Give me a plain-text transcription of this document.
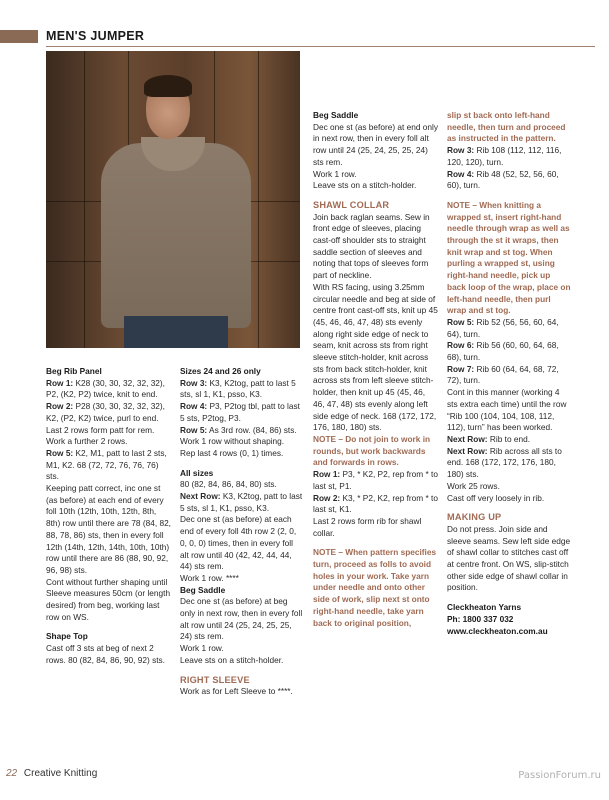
MEN'S JUMPER

Beg Rib Panel

Row 1: K28 (30, 30, 32, 32, 32), P2, (K2, P2) twice, knit to end.

Row 2: P28 (30, 30, 32, 32, 32), K2, (P2, K2) twice, purl to end.

Last 2 rows form patt for rem.

Work a further 2 rows.

Row 5: K2, M1, patt to last 2 sts, M1, K2. 68 (72, 72, 76, 76, 76) sts.

Keeping patt correct, inc one st (as before) at each end of every foll 10th (12th, 10th, 12th, 8th, 8th) row until there are 78 (84, 82, 88, 78, 86) sts, then in every foll 12th (14th, 12th, 14th, 10th, 10th) row until there are 86 (88, 90, 92, 96, 98) sts.

Cont without further shaping until Sleeve measures 50cm (or length desired) from beg, working last row on WS.

Shape Top

Cast off 3 sts at beg of next 2 rows. 80 (82, 84, 86, 90, 92) sts.

Sizes 24 and 26 only

Row 3: K3, K2tog, patt to last 5 sts, sl 1, K1, psso, K3.

Row 4: P3, P2tog tbl, patt to last 5 sts, P2tog, P3.

Row 5: As 3rd row. (84, 86) sts.

Work 1 row without shaping.

Rep last 4 rows (0, 1) times.

All sizes

80 (82, 84, 86, 84, 80) sts.

Next Row: K3, K2tog, patt to last 5 sts, sl 1, K1, psso, K3.

Dec one st (as before) at each end of every foll 4th row 2 (2, 0, 0, 0, 0) times, then in every foll alt row until 40 (42, 42, 44, 44, 44) sts rem.

Work 1 row. ****

Beg Saddle

Dec one st (as before) at beg only in next row, then in every foll alt row until 24 (25, 24, 25, 25, 24) sts rem.

Work 1 row.

Leave sts on a stitch-holder.

RIGHT SLEEVE

Work as for Left Sleeve to ****.

Beg Saddle

Dec one st (as before) at end only in next row, then in every foll alt row until 24 (25, 24, 25, 25, 24) sts rem.

Work 1 row.

Leave sts on a stitch-holder.

SHAWL COLLAR

Join back raglan seams. Sew in front edge of sleeves, placing cast-off shoulder sts to straight saddle section of sleeves and noting that tops of sleeves form part of neckline.

With RS facing, using 3.25mm circular needle and beg at side of centre front cast-off sts, knit up 45 (45, 46, 46, 47, 48) sts evenly along right side edge of neck to seam, knit across sts from right sleeve stitch-holder, knit across sts from back stitch-holder, knit across sts from left sleeve stitch-holder, then knit up 45 (45, 46, 46, 47, 48) sts evenly along left side edge of neck. 168 (172, 172, 176, 180, 180) sts.

NOTE – Do not join to work in rounds, but work backwards and forwards in rows.

Row 1: P3, * K2, P2, rep from * to last st, P1.

Row 2: K3, * P2, K2, rep from * to last st, K1.

Last 2 rows form rib for shawl collar.

NOTE – When pattern specifies turn, proceed as folls to avoid holes in your work. Take yarn under needle and onto other side of work, slip next st onto right-hand needle, take yarn back to original position,

slip st back onto left-hand needle, then turn and proceed as instructed in the pattern.

Row 3: Rib 108 (112, 112, 116, 120, 120), turn.

Row 4: Rib 48 (52, 52, 56, 60, 60), turn.

NOTE – When knitting a wrapped st, insert right-hand needle through wrap as well as through the st it wraps, then knit wrap and st tog. When purling a wrapped st, using right-hand needle, pick up back loop of the wrap, place on left-hand needle, then purl wrap and st tog.

Row 5: Rib 52 (56, 56, 60, 64, 64), turn.

Row 6: Rib 56 (60, 60, 64, 68, 68), turn.

Row 7: Rib 60 (64, 64, 68, 72, 72), turn.

Cont in this manner (working 4 sts extra each time) until the row “Rib 100 (104, 104, 108, 112, 112), turn” has been worked.

Next Row: Rib to end.

Next Row: Rib across all sts to end. 168 (172, 172, 176, 180, 180) sts.

Work 25 rows.

Cast off very loosely in rib.

MAKING UP

Do not press. Join side and sleeve seams. Sew left side edge of shawl collar to stitches cast off at centre front. On WS, slip-stitch other side edge of shawl collar in position.

Cleckheaton Yarns

Ph: 1800 337 032

www.cleckheaton.com.au

22 Creative Knitting	PassionForum.ru
